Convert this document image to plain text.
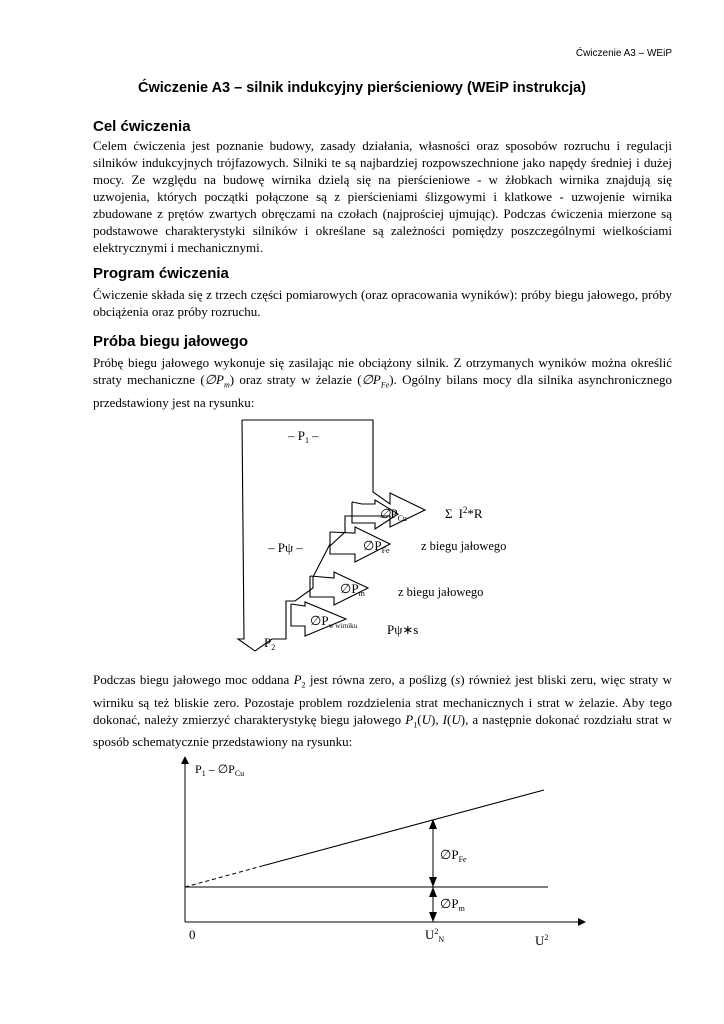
Ćwiczenie A3 – WEiP
Ćwiczenie A3 – silnik indukcyjny pierścieniowy (WEiP instrukcja)
Cel ćwiczenia

Celem ćwiczenia jest poznanie budowy, zasady działania, własności oraz sposobów rozruchu i regulacji silników indukcyjnych trójfazowych. Silniki te są najbardziej rozpowszechnione jako napędy średniej i dużej mocy. Ze względu na budowę wirnika dzielą się na pierścieniowe - w żłobkach wirnika znajdują się uzwojenia, których początki połączone są z pierścieniami ślizgowymi i klatkowe - uzwojenie wirnika zbudowane z prętów zwartych obręczami na czołach (najprościej ujmując). Podczas ćwiczenia mierzone są podstawowe charakterystyki silników i określane są zależności pomiędzy poszczególnymi wielkościami elektrycznymi i mechanicznymi.

Program ćwiczenia

Ćwiczenie składa się z trzech części pomiarowych (oraz opracowania wyników): próby biegu jałowego, próby obciążenia oraz próby rozruchu.

Próba biegu jałowego

Próbę biegu jałowego wykonuje się zasilając nie obciążony silnik. Z otrzymanych wyników można określić straty mechaniczne $(\emptyset P_m)$ oraz straty w żelazie $(\emptyset P_{Fe})$. Ogólny bilans mocy dla silnika asynchronicznego przedstawiony jest na rysunku:

– $P_1$ –
$\emptyset P_{Cu}$	Σ $I^2*R$
– Pψ –	$\emptyset P_{Fe}$	z biegu jałowego
$\emptyset P_m$	z biegu jałowego
$\emptyset P_{w wirniku}$ Pψ∗s
$P_2$

Podczas biegu jałowego moc oddana $P_2$ jest równa zero, a poślizg (s) również jest bliski zeru, więc straty w wirniku są też bliskie zero. Pozostaje problem rozdzielenia strat mechanicznych i strat w żelazie. Aby tego dokonać, należy zmierzyć charakterystykę biegu jałowego $P_1(U)$, I(U), a następnie dokonać rozdziału strat w sposób schematycznie przedstawiony na rysunku:

$P_1$ – $\emptyset P_{Cu}$
0	$U^2_N$	$U^2$
$\emptyset P_{Fe}$
$\emptyset P_m$
